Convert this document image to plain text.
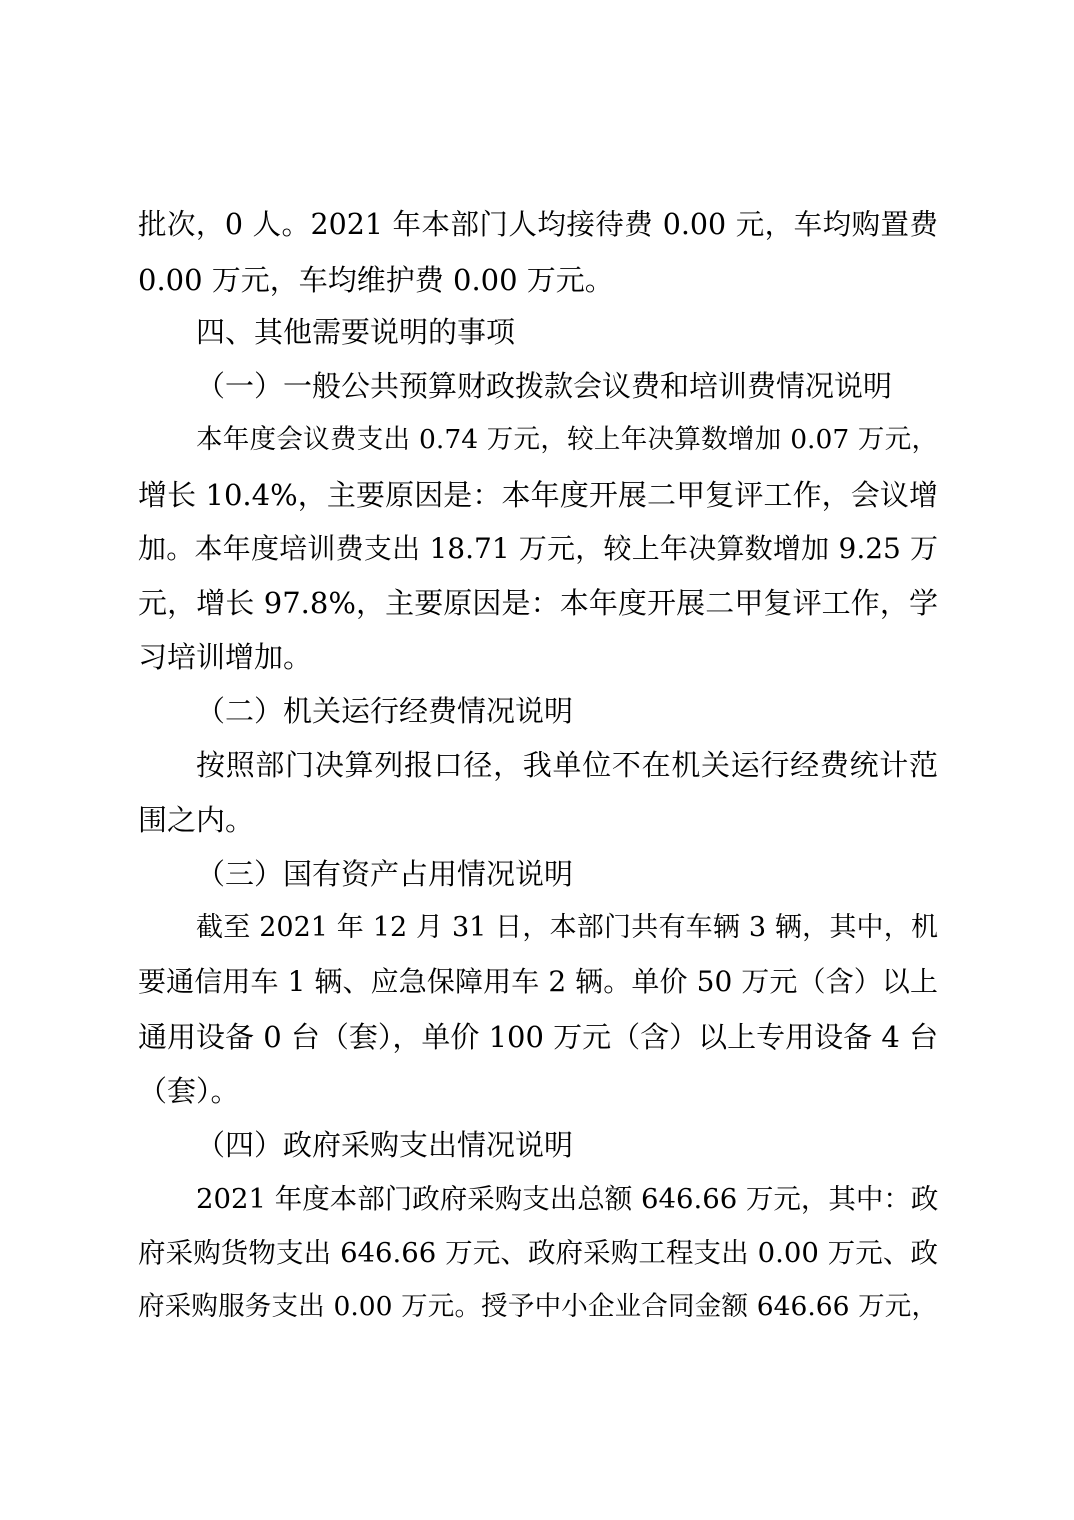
批次，0 人。2021 年本部门人均接待费 0.00 元，车均购置费
0.00 万元，车均维护费 0.00 万元。
四、其他需要说明的事项
（一）一般公共预算财政拨款会议费和培训费情况说明
本年度会议费支出 0.74 万元，较上年决算数增加 0.07 万元，
增长 10.4%，主要原因是：本年度开展二甲复评工作，会议增
加。本年度培训费支出 18.71 万元，较上年决算数增加 9.25 万
元，增长 97.8%，主要原因是：本年度开展二甲复评工作，学
习培训增加。
（二）机关运行经费情况说明
按照部门决算列报口径，我单位不在机关运行经费统计范
围之内。
（三）国有资产占用情况说明
截至 2021 年 12 月 31 日，本部门共有车辆 3 辆，其中，机
要通信用车 1 辆、应急保障用车 2 辆。单价 50 万元（含）以上
通用设备 0 台（套），单价 100 万元（含）以上专用设备 4 台
（套）。
（四）政府采购支出情况说明
2021 年度本部门政府采购支出总额 646.66 万元，其中：政
府采购货物支出 646.66 万元、政府采购工程支出 0.00 万元、政
府采购服务支出 0.00 万元。授予中小企业合同金额 646.66 万元，
